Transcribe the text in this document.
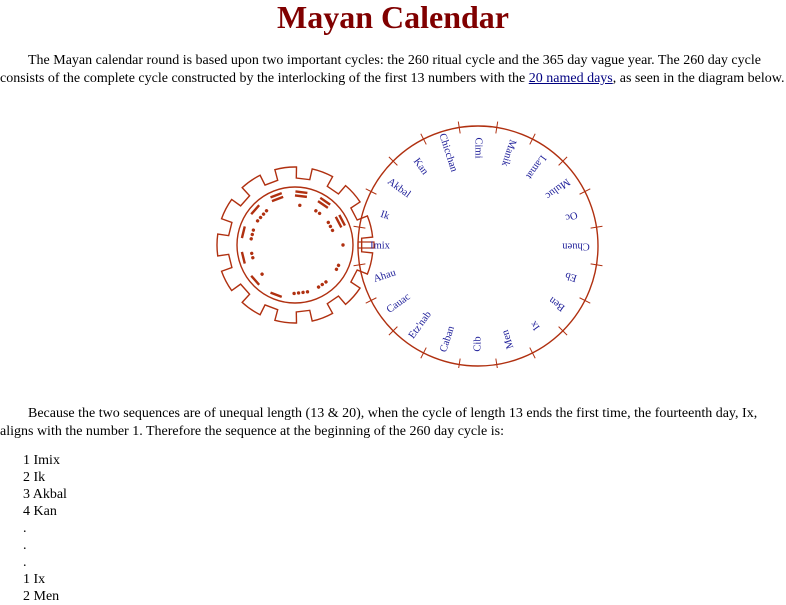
Mayan Calendar

The Mayan calendar round is based upon two important cycles: the 260 ritual cycle and the 365 day vague year. The 260 day cycle consists of the complete cycle constructed by the interlocking of the first 13 numbers with the 20 named days, as seen in the diagram below.

Imix
Ik
Akbal
Kan Chicchan Cimi Manik Lamat
Muluc
Oc
Chuen
Eb
Ben
Ix
Men
Cib
Caban
Etz'nab
Cauac
Ahau

Because the two sequences are of unequal length (13 & 20), when the cycle of length 13 ends the first time, the fourteenth day, Ix, aligns with the number 1. Therefore the sequence at the beginning of the 260 day cycle is:

1 Imix
2 Ik
3 Akbal
4 Kan
.
.
.
1 Ix
2 Men
